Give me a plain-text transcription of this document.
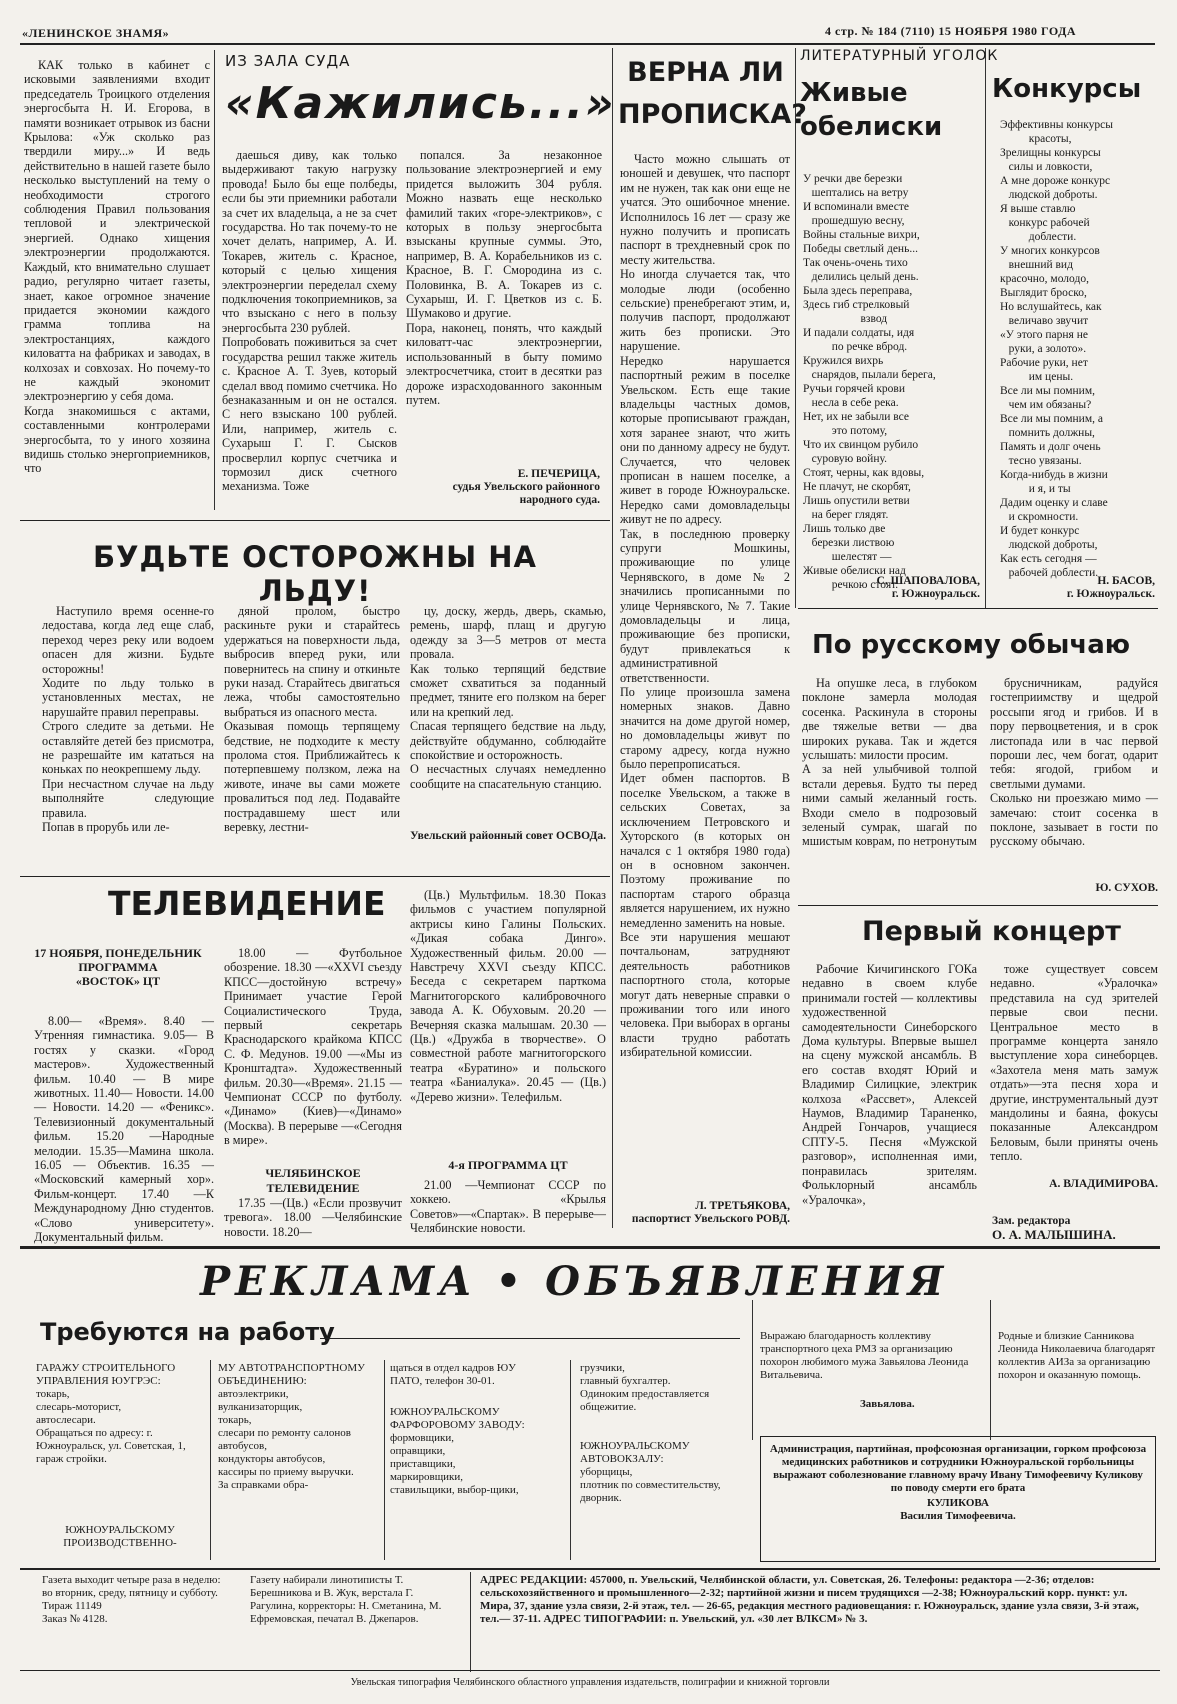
«ЛЕНИНСКОЕ ЗНАМЯ»	4 стр. № 184 (7110) 15 НОЯБРЯ 1980 ГОДА
ИЗ ЗАЛА СУДА
«Кажились...»

КАК только в кабинет с исковыми заявлениями входит председатель Троицкого отделения энергосбыта Н. И. Егорова, в памяти возникает отрывок из басни Крылова: «Уж сколько раз твердили миру...» И ведь действительно в нашей газете было несколько выступлений на тему о необходимости строгого соблюдения Правил пользования тепловой и электрической энергией. Однако хищения электроэнергии продолжаются. Каждый, кто внимательно слушает радио, регулярно читает газеты, знает, какое огромное значение придается экономии каждого грамма топлива на электростанциях, каждого киловатта на фабриках и заводах, в колхозах и совхозах. Но почему-то не каждый экономит электроэнергию у себя дома.
Когда знакомишься с актами, составленными контролерами энергосбыта, то у иного хозяина видишь столько энергоприемников, что

даешься диву, как только выдерживают такую нагрузку провода! Было бы еще полбеды, если бы эти приемники работали за счет их владельца, а не за счет государства. Но так почему-то не хочет делать, например, А. И. Токарев, житель с. Красное, который с целью хищения электроэнергии переделал схему подключения токоприемников, за что взыскано с него в пользу энергосбыта 230 рублей.
Попробовать поживиться за счет государства решил также житель с. Красное А. Т. Зуев, который сделал ввод помимо счетчика. Но безнаказанным и он не остался. С него взыскано 100 рублей. Или, например, житель с. Сухарыш Г. Г. Сысков просверлил корпус счетчика и тормозил диск счетного механизма. Тоже

попался. За незаконное пользование электроэнергией и ему придется выложить 304 рубля. Можно назвать еще несколько фамилий таких «горе-электриков», с которых в пользу энергосбыта взысканы крупные суммы. Это, например, В. А. Корабельников из с. Красное, В. Г. Смородина из с. Половинка, В. А. Токарев из с. Сухарыш, И. Г. Цветков из с. Б. Шумаково и другие.
Пора, наконец, понять, что каждый киловатт-час электроэнергии, использованный в быту помимо электросчетчика, стоит в десятки раз дороже израсходованного законным путем.

Е. ПЕЧЕРИЦА,
судья Увельского районного народного суда.
ВЕРНА ЛИ ПРОПИСКА?

Часто можно слышать от юношей и девушек, что паспорт им не нужен, так как они еще не учатся. Это ошибочное мнение. Исполнилось 16 лет — сразу же нужно получить и прописать паспорт в трехдневный срок по месту жительства.
Но иногда случается так, что молодые люди (особенно сельские) пренебрегают этим, и, получив паспорт, продолжают жить без прописки. Это нарушение.
Нередко нарушается паспортный режим в поселке Увельском. Есть еще такие владельцы частных домов, которые прописывают граждан, хотя заранее знают, что жить они по данному адресу не будут. Случается, что человек прописан в нашем поселке, а живет в городе Южноуральске. Нередко сами домовладельцы живут не по адресу.
Так, в последнюю проверку супруги Мошкины, проживающие по улице Чернявского, в доме № 2 значились прописанными по улице Чернявского, № 7. Такие домовладельцы и лица, проживающие без прописки, будут привлекаться к административной ответственности.
По улице произошла замена номерных знаков. Давно значится на доме другой номер, но домовладельцы живут по старому адресу, когда нужно было перепрописаться.
Идет обмен паспортов. В поселке Увельском, а также в сельских Советах, за исключением Петровского и Хуторского (в которых он начался с 1 октября 1980 года) он в основном закончен. Поэтому проживание по паспортам старого образца является нарушением, их нужно немедленно заменить на новые.
Все эти нарушения мешают почтальонам, затрудняют деятельность работников паспортного стола, которые могут дать неверные справки о проживании того или иного человека. При выборах в органы власти трудно работать избирательной комиссии.

Л. ТРЕТЬЯКОВА,
паспортист Увельского РОВД.
ЛИТЕРАТУРНЫЙ УГОЛОК
Живые обелиски
У речки две березки
шептались на ветру
И вспоминали вместе
прошедшую весну,
Войны стальные вихри,
Победы светлый день...
Так очень-очень тихо
делились целый день.
Была здесь переправа,
Здесь гиб стрелковый
взвод
И падали солдаты, идя
по речке вброд.
Кружился вихрь
снарядов, пылали берега,
Ручьи горячей крови
несла в себе река.
Нет, их не забыли все
это потому,
Что их свинцом рубило
суровую войну.
Стоят, черны, как вдовы,
Не плачут, не скорбят,
Лишь опустили ветви
на берег глядят.
Лишь только две
березки листвою
шелестят —
Живые обелиски над
речкою стоят.
С. ШАПОВАЛОВА,
г. Южноуральск.
Конкурсы
Эффективны конкурсы
красоты,
Зрелищны конкурсы
силы и ловкости,
А мне дороже конкурс
людской доброты.
Я выше ставлю
конкурс рабочей
доблести.
У многих конкурсов
внешний вид
красочно, молодо,
Выглядит броско,
Но вслушайтесь, как
величаво звучит
«У этого парня не
руки, а золото».
Рабочие руки, нет
им цены.
Все ли мы помним,
чем им обязаны?
Все ли мы помним, а
помнить должны,
Память и долг очень
тесно увязаны.
Когда-нибудь в жизни
и я, и ты
Дадим оценку и славе
и скромности.
И будет конкурс
людской доброты,
Как есть сегодня —
рабочей доблести.
Н. БАСОВ,
г. Южноуральск.
БУДЬТЕ ОСТОРОЖНЫ НА ЛЬДУ!

Наступило время осенне-го ледостава, когда лед еще слаб, переход через реку или водоем опасен для жизни. Будьте осторожны!
Ходите по льду только в установленных местах, не нарушайте правил переправы.
Строго следите за детьми. Не оставляйте детей без присмотра, не разрешайте им кататься на коньках по неокрепшему льду.
При несчастном случае на льду выполняйте следующие правила.
Попав в прорубь или ле-

дяной пролом, быстро раскиньте руки и старайтесь удержаться на поверхности льда, выбросив вперед руки, или повернитесь на спину и откиньте руки назад. Старайтесь двигаться лежа, чтобы самостоятельно выбраться из опасного места.
Оказывая помощь терпящему бедствие, не подходите к месту пролома стоя. Приближайтесь к потерпевшему ползком, лежа на животе, иначе вы сами можете провалиться под лед. Подавайте пострадавшему шест или веревку, лестни-

цу, доску, жердь, дверь, скамью, ремень, шарф, плащ и другую одежду за 3—5 метров от места провала.
Как только терпящий бедствие сможет схватиться за поданный предмет, тяните его ползком на берег или на крепкий лед.
Спасая терпящего бедствие на льду, действуйте обдуманно, соблюдайте спокойствие и осторожность.
О несчастных случаях немедленно сообщите на спасательную станцию.

Увельский районный совет ОСВОДа.
По русскому обычаю

На опушке леса, в глубоком поклоне замерла молодая сосенка. Раскинула в стороны две тяжелые ветви — два широких рукава. Так и ждется услышать: милости просим.
А за ней улыбчивой толпой встали деревья. Будто ты перед ними самый желанный гость. Входи смело в подрозовый зеленый сумрак, шагай по мшистым коврам, по нетронутым

брусничникам, радуйся гостеприимству и щедрой россыпи ягод и грибов. И в пору первоцветения, и в срок листопада или в час первой пороши лес, чем богат, одарит тебя: ягодой, грибом и светлыми думами.
Сколько ни проезжаю мимо — замечаю: стоит сосенка в поклоне, зазывает в гости по русскому обычаю.

Ю. СУХОВ.
Первый концерт

Рабочие Кичигинского ГОКа недавно в своем клубе принимали гостей — коллективы художественной самодеятельности Синеборского Дома культуры. Впервые вышел на сцену мужской ансамбль. В его состав входят Юрий и Владимир Силицкие, электрик колхоза «Рассвет», Алексей Наумов, Владимир Тараненко, Андрей Гончаров, учащиеся СПТУ-5. Песня «Мужской разговор», исполненная ими, понравилась зрителям. Фольклорный ансамбль «Уралочка»,

тоже существует совсем недавно. «Уралочка» представила на суд зрителей первые свои песни. Центральное место в программе концерта заняло выступление хора синеборцев. «Захотела меня мать замуж отдать»—эта песня хора и другие, инструментальный дуэт мандолины и баяна, фокусы показанные Александром Беловым, были приняты очень тепло.

А. ВЛАДИМИРОВА.
Зам. редактора
О. А. МАЛЫШИНА.
ТЕЛЕВИДЕНИЕ
17 НОЯБРЯ, ПОНЕДЕЛЬНИК
ПРОГРАММА
«ВОСТОК» ЦТ

8.00— «Время». 8.40 — Утренняя гимнастика. 9.05— В гостях у сказки. «Город мастеров». Художественный фильм. 10.40 — В мире животных. 11.40— Новости. 14.00— Новости. 14.20 — «Феникс». Телевизионный документальный фильм. 15.20 —Народные мелодии. 15.35—Мамина школа. 16.05 — Объектив. 16.35 — «Московский камерный хор». Фильм-концерт. 17.40 —К Международному Дню студентов. «Слово университету». Документальный фильм.

18.00 — Футбольное обозрение. 18.30 —«XXVI съезду КПСС—достойную встречу» Принимает участие Герой Социалистического Труда, первый секретарь Краснодарского крайкома КПСС С. Ф. Медунов. 19.00 —«Мы из Кронштадта». Художественный фильм. 20.30—«Время». 21.15 — Чемпионат СССР по футболу. «Динамо» (Киев)—«Динамо» (Москва). В перерыве —«Сегодня в мире».

ЧЕЛЯБИНСКОЕ ТЕЛЕВИДЕНИЕ

17.35 —(Цв.) «Если прозвучит тревога». 18.00 —Челябинские новости. 18.20—

(Цв.) Мультфильм. 18.30 Показ фильмов с участием популярной актрисы кино Галины Польских. «Дикая собака Динго». Художественный фильм. 20.00 —Навстречу XXVI съезду КПСС. Беседа с секретарем парткома Магнитогорского калибровочного завода А. К. Обуховым. 20.20 —Вечерняя сказка малышам. 20.30 — (Цв.) «Дружба в творчестве». О совместной работе магнитогорского театра «Буратино» и польского театра «Баниалука». 20.45 — (Цв.) «Дерево жизни». Телефильм.

4-я ПРОГРАММА ЦТ

21.00 —Чемпионат СССР по хоккею. «Крылья Советов»—«Спартак». В перерыве—Челябинские новости.

РЕКЛАМА • ОБЪЯВЛЕНИЯ
Требуются на работу
ГАРАЖУ СТРОИТЕЛЬНОГО УПРАВЛЕНИЯ ЮУГРЭС:
токарь,
слесарь-моторист,
автослесари.
Обращаться по адресу: г. Южноуральск, ул. Советская, 1, гараж стройки.
ЮЖНОУРАЛЬСКОМУ ПРОИЗВОДСТВЕННО-
МУ АВТОТРАНСПОРТНОМУ ОБЪЕДИНЕНИЮ:
автоэлектрики,
вулканизаторщик,
токарь,
слесари по ремонту салонов автобусов,
кондукторы автобусов,
кассиры по приему выручки.
За справками обра-
щаться в отдел кадров ЮУ ПАТО, телефон 30-01.
ЮЖНОУРАЛЬСКОМУ ФАРФОРОВОМУ ЗАВОДУ:
формовщики,
оправщики,
приставщики,
маркировщики,
ставильщики, выбор-щики,
грузчики,
главный бухгалтер.
Одиноким предоставляется общежитие.
ЮЖНОУРАЛЬСКОМУ АВТОВОКЗАЛУ:
уборщицы,
плотник по совместительству,
дворник.
Выражаю благодарность коллективу транспортного цеха РМЗ за организацию похорон любимого мужа Завьялова Леонида Витальевича.
Завьялова.
Родные и близкие Санникова Леонида Николаевича благодарят коллектив АИЗа за организацию похорон и оказанную помощь.
Администрация, партийная, профсоюзная организации, горком профсоюза медицинских работников и сотрудники Южноуральской горбольницы выражают соболезнование главному врачу Ивану Тимофеевичу Куликову по поводу смерти его брата
КУЛИКОВА
Василия Тимофеевича.
Газета выходит четыре раза в неделю: во вторник, среду, пятницу и субботу.
Тираж 11149
Заказ № 4128.
Газету набирали линотиписты Т. Берешникова и В. Жук, верстала Г. Рагулина, корректоры: Н. Сметанина, М. Ефремовская, печатал В. Джепаров.
АДРЕС РЕДАКЦИИ: 457000, п. Увельский, Челябинской области, ул. Советская, 26. Телефоны: редактора —2-36; отделов: сельскохозяйственного и промышленного—2-32; партийной жизни и писем трудящихся —2-38; Южноуральский корр. пункт: ул. Мира, 37, здание узла связи, 2-й этаж, тел. — 26-65, редакция местного радиовещания: г. Южноуральск, здание узла связи, 3-й этаж, тел.— 37-11. АДРЕС ТИПОГРАФИИ: п. Увельский, ул. «30 лет ВЛКСМ» № 3.
Увельская типография Челябинского областного управления издательств, полиграфии и книжной торговли
